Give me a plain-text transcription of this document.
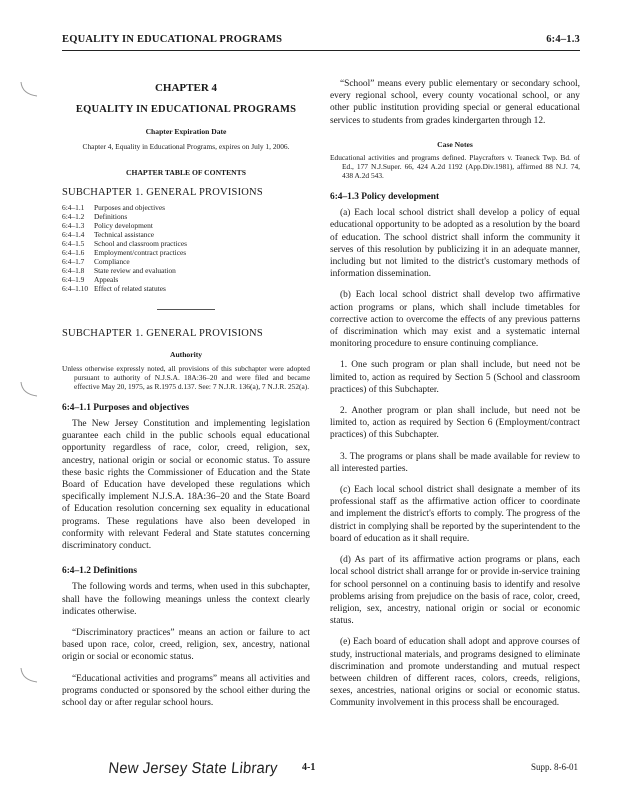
EQUALITY IN EDUCATIONAL PROGRAMS	6:4–1.3
CHAPTER 4
EQUALITY IN EDUCATIONAL PROGRAMS
Chapter Expiration Date
Chapter 4, Equality in Educational Programs, expires on July 1, 2006.
CHAPTER TABLE OF CONTENTS
SUBCHAPTER 1. GENERAL PROVISIONS
6:4–1.1	Purposes and objectives
6:4–1.2	Definitions
6:4–1.3	Policy development
6:4–1.4	Technical assistance
6:4–1.5	School and classroom practices
6:4–1.6	Employment/contract practices
6:4–1.7	Compliance
6:4–1.8	State review and evaluation
6:4–1.9	Appeals
6:4–1.10 Effect of related statutes
SUBCHAPTER 1. GENERAL PROVISIONS
Authority

Unless otherwise expressly noted, all provisions of this subchapter were adopted pursuant to authority of N.J.S.A. 18A:36–20 and were filed and became effective May 20, 1975, as R.1975 d.137. See: 7 N.J.R. 136(a), 7 N.J.R. 252(a).

6:4–1.1 Purposes and objectives

The New Jersey Constitution and implementing legislation guarantee each child in the public schools equal educational opportunity regardless of race, color, creed, religion, sex, ancestry, national origin or social or economic status. To assure these basic rights the Commissioner of Education and the State Board of Education have developed these regulations which specifically implement N.J.S.A. 18A:36–20 and the State Board of Education resolution concerning sex equality in educational programs. These regulations have also been developed in conformity with relevant Federal and State statutes concerning discriminatory conduct.

6:4–1.2 Definitions

The following words and terms, when used in this subchapter, shall have the following meanings unless the context clearly indicates otherwise.

“Discriminatory practices” means an action or failure to act based upon race, color, creed, religion, sex, ancestry, national origin or social or economic status.

“Educational activities and programs” means all activities and programs conducted or sponsored by the school either during the school day or after regular school hours.

“School” means every public elementary or secondary school, every regional school, every county vocational school, or any other public institution providing special or general educational services to students from grades kindergarten through 12.

Case Notes

Educational activities and programs defined. Playcrafters v. Teaneck Twp. Bd. of Ed., 177 N.J.Super. 66, 424 A.2d 1192 (App.Div.1981), affirmed 88 N.J. 74, 438 A.2d 543.

6:4–1.3 Policy development

(a) Each local school district shall develop a policy of equal educational opportunity to be adopted as a resolution by the board of education. The school district shall inform the community it serves of this resolution by publicizing it in an adequate manner, including but not limited to the district's customary methods of information dissemination.

(b) Each local school district shall develop two affirmative action programs or plans, which shall include timetables for corrective action to overcome the effects of any previous patterns of discrimination which may exist and a systematic internal monitoring procedure to ensure continuing compliance.

1. One such program or plan shall include, but need not be limited to, action as required by Section 5 (School and classroom practices) of this Subchapter.

2. Another program or plan shall include, but need not be limited to, action as required by Section 6 (Employment/contract practices) of this Subchapter.

3. The programs or plans shall be made available for review to all interested parties.

(c) Each local school district shall designate a member of its professional staff as the affirmative action officer to coordinate and implement the district's efforts to comply. The progress of the district in complying shall be reported by the superintendent to the board of education as it shall require.

(d) As part of its affirmative action programs or plans, each local school district shall arrange for or provide in-service training for school personnel on a continuing basis to identify and resolve problems arising from prejudice on the basis of race, color, creed, religion, sex, ancestry, national origin or social or economic status.

(e) Each board of education shall adopt and approve courses of study, instructional materials, and programs designed to eliminate discrimination and promote understanding and mutual respect between children of different races, colors, creeds, religions, sexes, ancestries, national origins or social or economic status. Community involvement in this process shall be encouraged.

New Jersey State Library 4-1	Supp. 8-6-01
